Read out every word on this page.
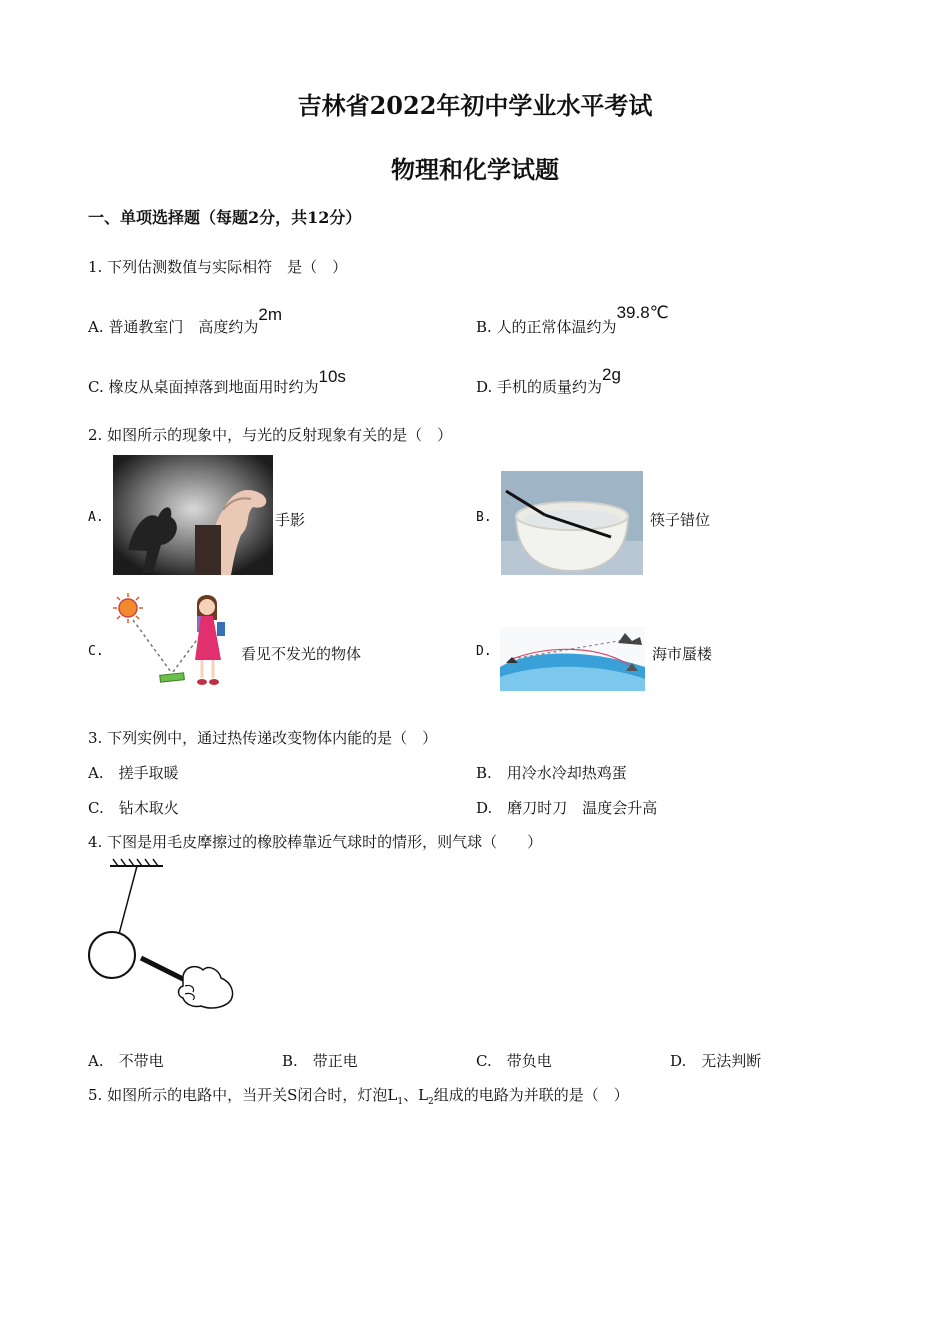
吉林省2022年初中学业水平考试
物理和化学试题
一、单项选择题（每题2分，共12分）
1. 下列估测数值与实际相符　是（　）
A. 普通教室门　高度约为2m
B. 人的正常体温约为39.8℃
C. 橡皮从桌面掉落到地面用时约为10s
D. 手机的质量约为2g
2. 如图所示的现象中，与光的反射现象有关的是（　）
A.	手影	B.	筷子错位
C.	看见不发光的物体	D.	海市蜃楼
3. 下列实例中，通过热传递改变物体内能的是（　）
A.　搓手取暖	B.　用冷水冷却热鸡蛋
C.　钻木取火	D.　磨刀时刀　温度会升高
4. 下图是用毛皮摩擦过的橡胶棒靠近气球时的情形，则气球（　　）
A.　不带电	B.　带正电	C.　带负电	D.　无法判断
5. 如图所示的电路中，当开关S闭合时，灯泡$L_1$、$L_2$组成的电路为并联的是（　）
